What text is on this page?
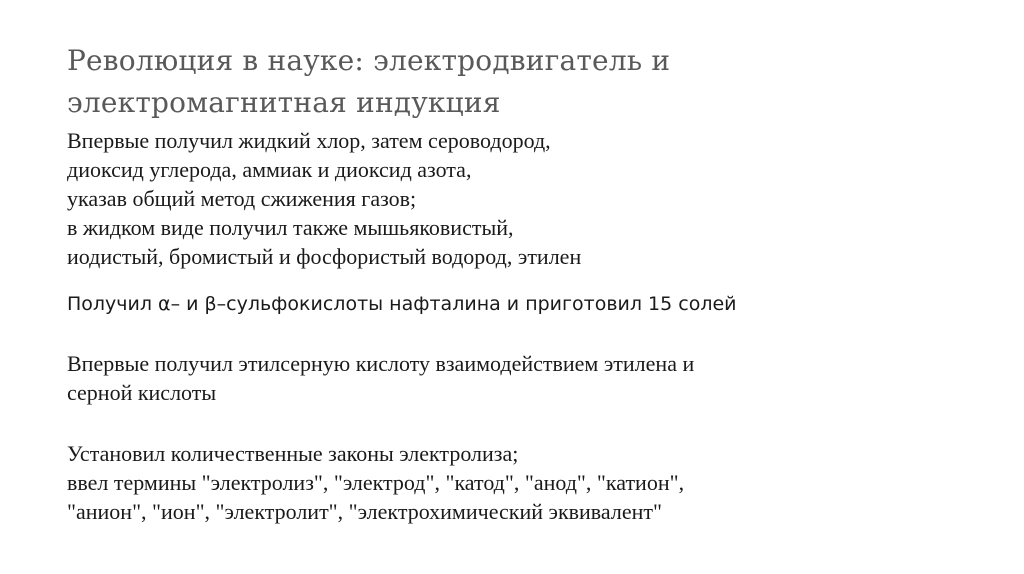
Революция в науке: электродвигатель и
электромагнитная индукция
Впервые получил жидкий хлор, затем сероводород,
диоксид углерода, аммиак и диоксид азота,
указав общий метод сжижения газов;
в жидком виде получил также мышьяковистый,
иодистый, бромистый и фосфористый водород, этилен
Получил α– и β–сульфокислоты нафталина и приготовил 15 солей
Впервые получил этилсерную кислоту взаимодействием этилена и
серной кислоты
Установил количественные законы электролиза;
ввел термины "электролиз", "электрод", "катод", "анод", "катион",
"анион", "ион", "электролит", "электрохимический эквивалент"
